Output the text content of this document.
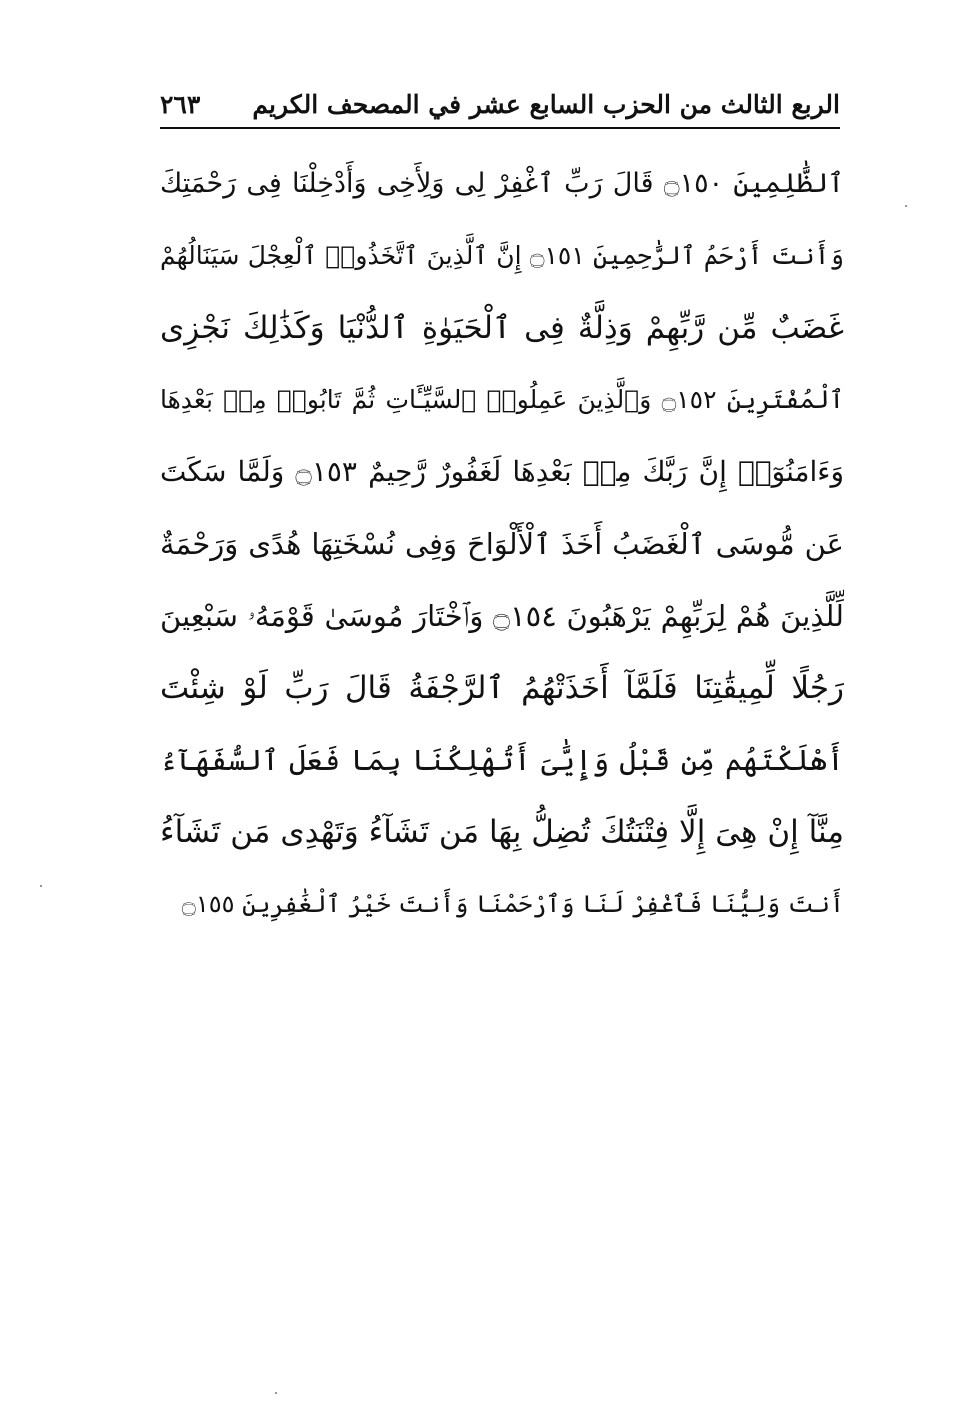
الربع الثالث من الحزب السابع عشر في المصحف الكريم
٢٦٣
ٱلظَّٰلِمِينَ ۝١٥٠ قَالَ رَبِّ ٱغْفِرْ لِى وَلِأَخِى وَأَدْخِلْنَا فِى رَحْمَتِكَ
وَأَنتَ أَرْحَمُ ٱلرَّٰحِمِينَ ۝١٥١ إِنَّ ٱلَّذِينَ ٱتَّخَذُوا۟ ٱلْعِجْلَ سَيَنَالُهُمْ
غَضَبٌ مِّن رَّبِّهِمْ وَذِلَّةٌ فِى ٱلْحَيَوٰةِ ٱلدُّنْيَا وَكَذَٰلِكَ نَجْزِى
ٱلْمُفْتَرِينَ ۝١٥٢ وَٱلَّذِينَ عَمِلُوا۟ ٱلسَّيِّـَٔاتِ ثُمَّ تَابُوا۟ مِنۢ بَعْدِهَا
وَءَامَنُوٓا۟ إِنَّ رَبَّكَ مِنۢ بَعْدِهَا لَغَفُورٌ رَّحِيمٌ ۝١٥٣ وَلَمَّا سَكَتَ
عَن مُّوسَى ٱلْغَضَبُ أَخَذَ ٱلْأَلْوَاحَ وَفِى نُسْخَتِهَا هُدًى وَرَحْمَةٌ
لِّلَّذِينَ هُمْ لِرَبِّهِمْ يَرْهَبُونَ ۝١٥٤ وَٱخْتَارَ مُوسَىٰ قَوْمَهُۥ سَبْعِينَ
رَجُلًا لِّمِيقَٰتِنَا فَلَمَّآ أَخَذَتْهُمُ ٱلرَّجْفَةُ قَالَ رَبِّ لَوْ شِئْتَ
أَهْلَكْتَهُم مِّن قَبْلُ وَإِيَّٰىَ أَتُهْلِكُنَا بِمَا فَعَلَ ٱلسُّفَهَآءُ
مِنَّآ إِنْ هِىَ إِلَّا فِتْنَتُكَ تُضِلُّ بِهَا مَن تَشَآءُ وَتَهْدِى مَن تَشَآءُ
أَنتَ وَلِيُّنَا فَٱغْفِرْ لَنَا وَٱرْحَمْنَا وَأَنتَ خَيْرُ ٱلْغَٰفِرِينَ ۝١٥٥
